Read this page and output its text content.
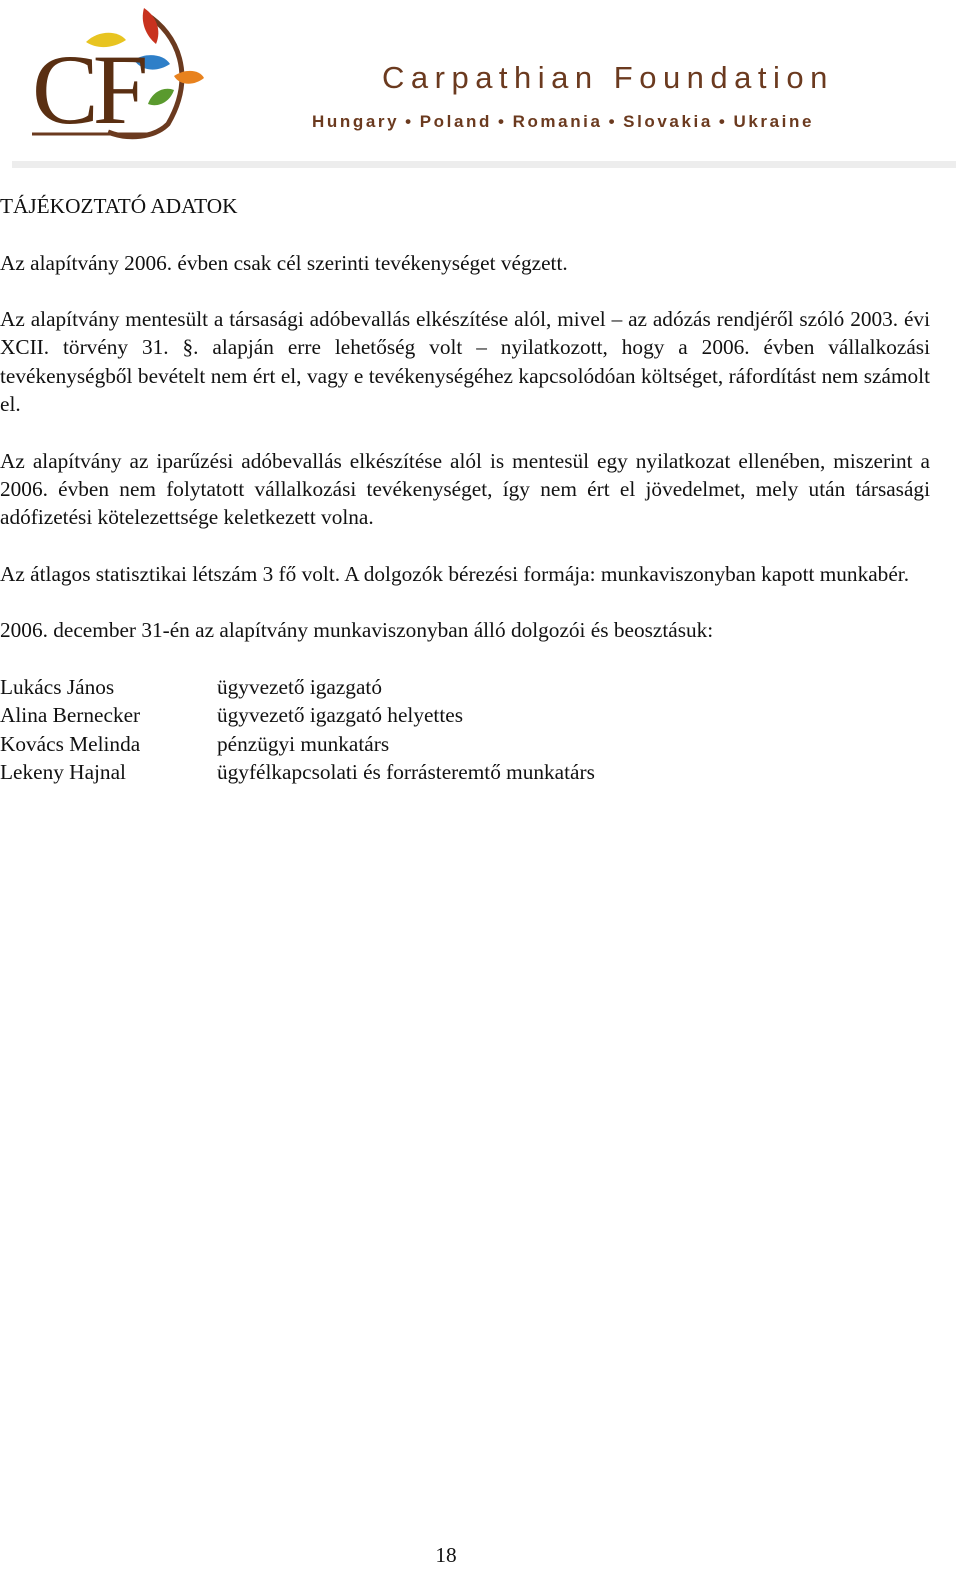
CF	Carpathian Foundation
Hungary • Poland • Romania • Slovakia • Ukraine

TÁJÉKOZTATÓ ADATOK

Az alapítvány 2006. évben csak cél szerinti tevékenységet végzett.

Az alapítvány mentesült a társasági adóbevallás elkészítése alól, mivel – az adózás rendjéről szóló 2003. évi XCII. törvény 31. §. alapján erre lehetőség volt – nyilatkozott, hogy a 2006. évben vállalkozási tevékenységből bevételt nem ért el, vagy e tevékenységéhez kapcsolódóan költséget, ráfordítást nem számolt el.

Az alapítvány az iparűzési adóbevallás elkészítése alól is mentesül egy nyilatkozat ellenében, miszerint a 2006. évben nem folytatott vállalkozási tevékenységet, így nem ért el jövedelmet, mely után társasági adófizetési kötelezettsége keletkezett volna.

Az átlagos statisztikai létszám 3 fő volt. A dolgozók bérezési formája: munkaviszonyban kapott munkabér.

2006. december 31-én az alapítvány munkaviszonyban álló dolgozói és beosztásuk:

Lukács János	ügyvezető igazgató
Alina Bernecker	ügyvezető igazgató helyettes
Kovács Melinda	pénzügyi munkatárs
Lekeny Hajnal	ügyfélkapcsolati és forrásteremtő munkatárs
18
